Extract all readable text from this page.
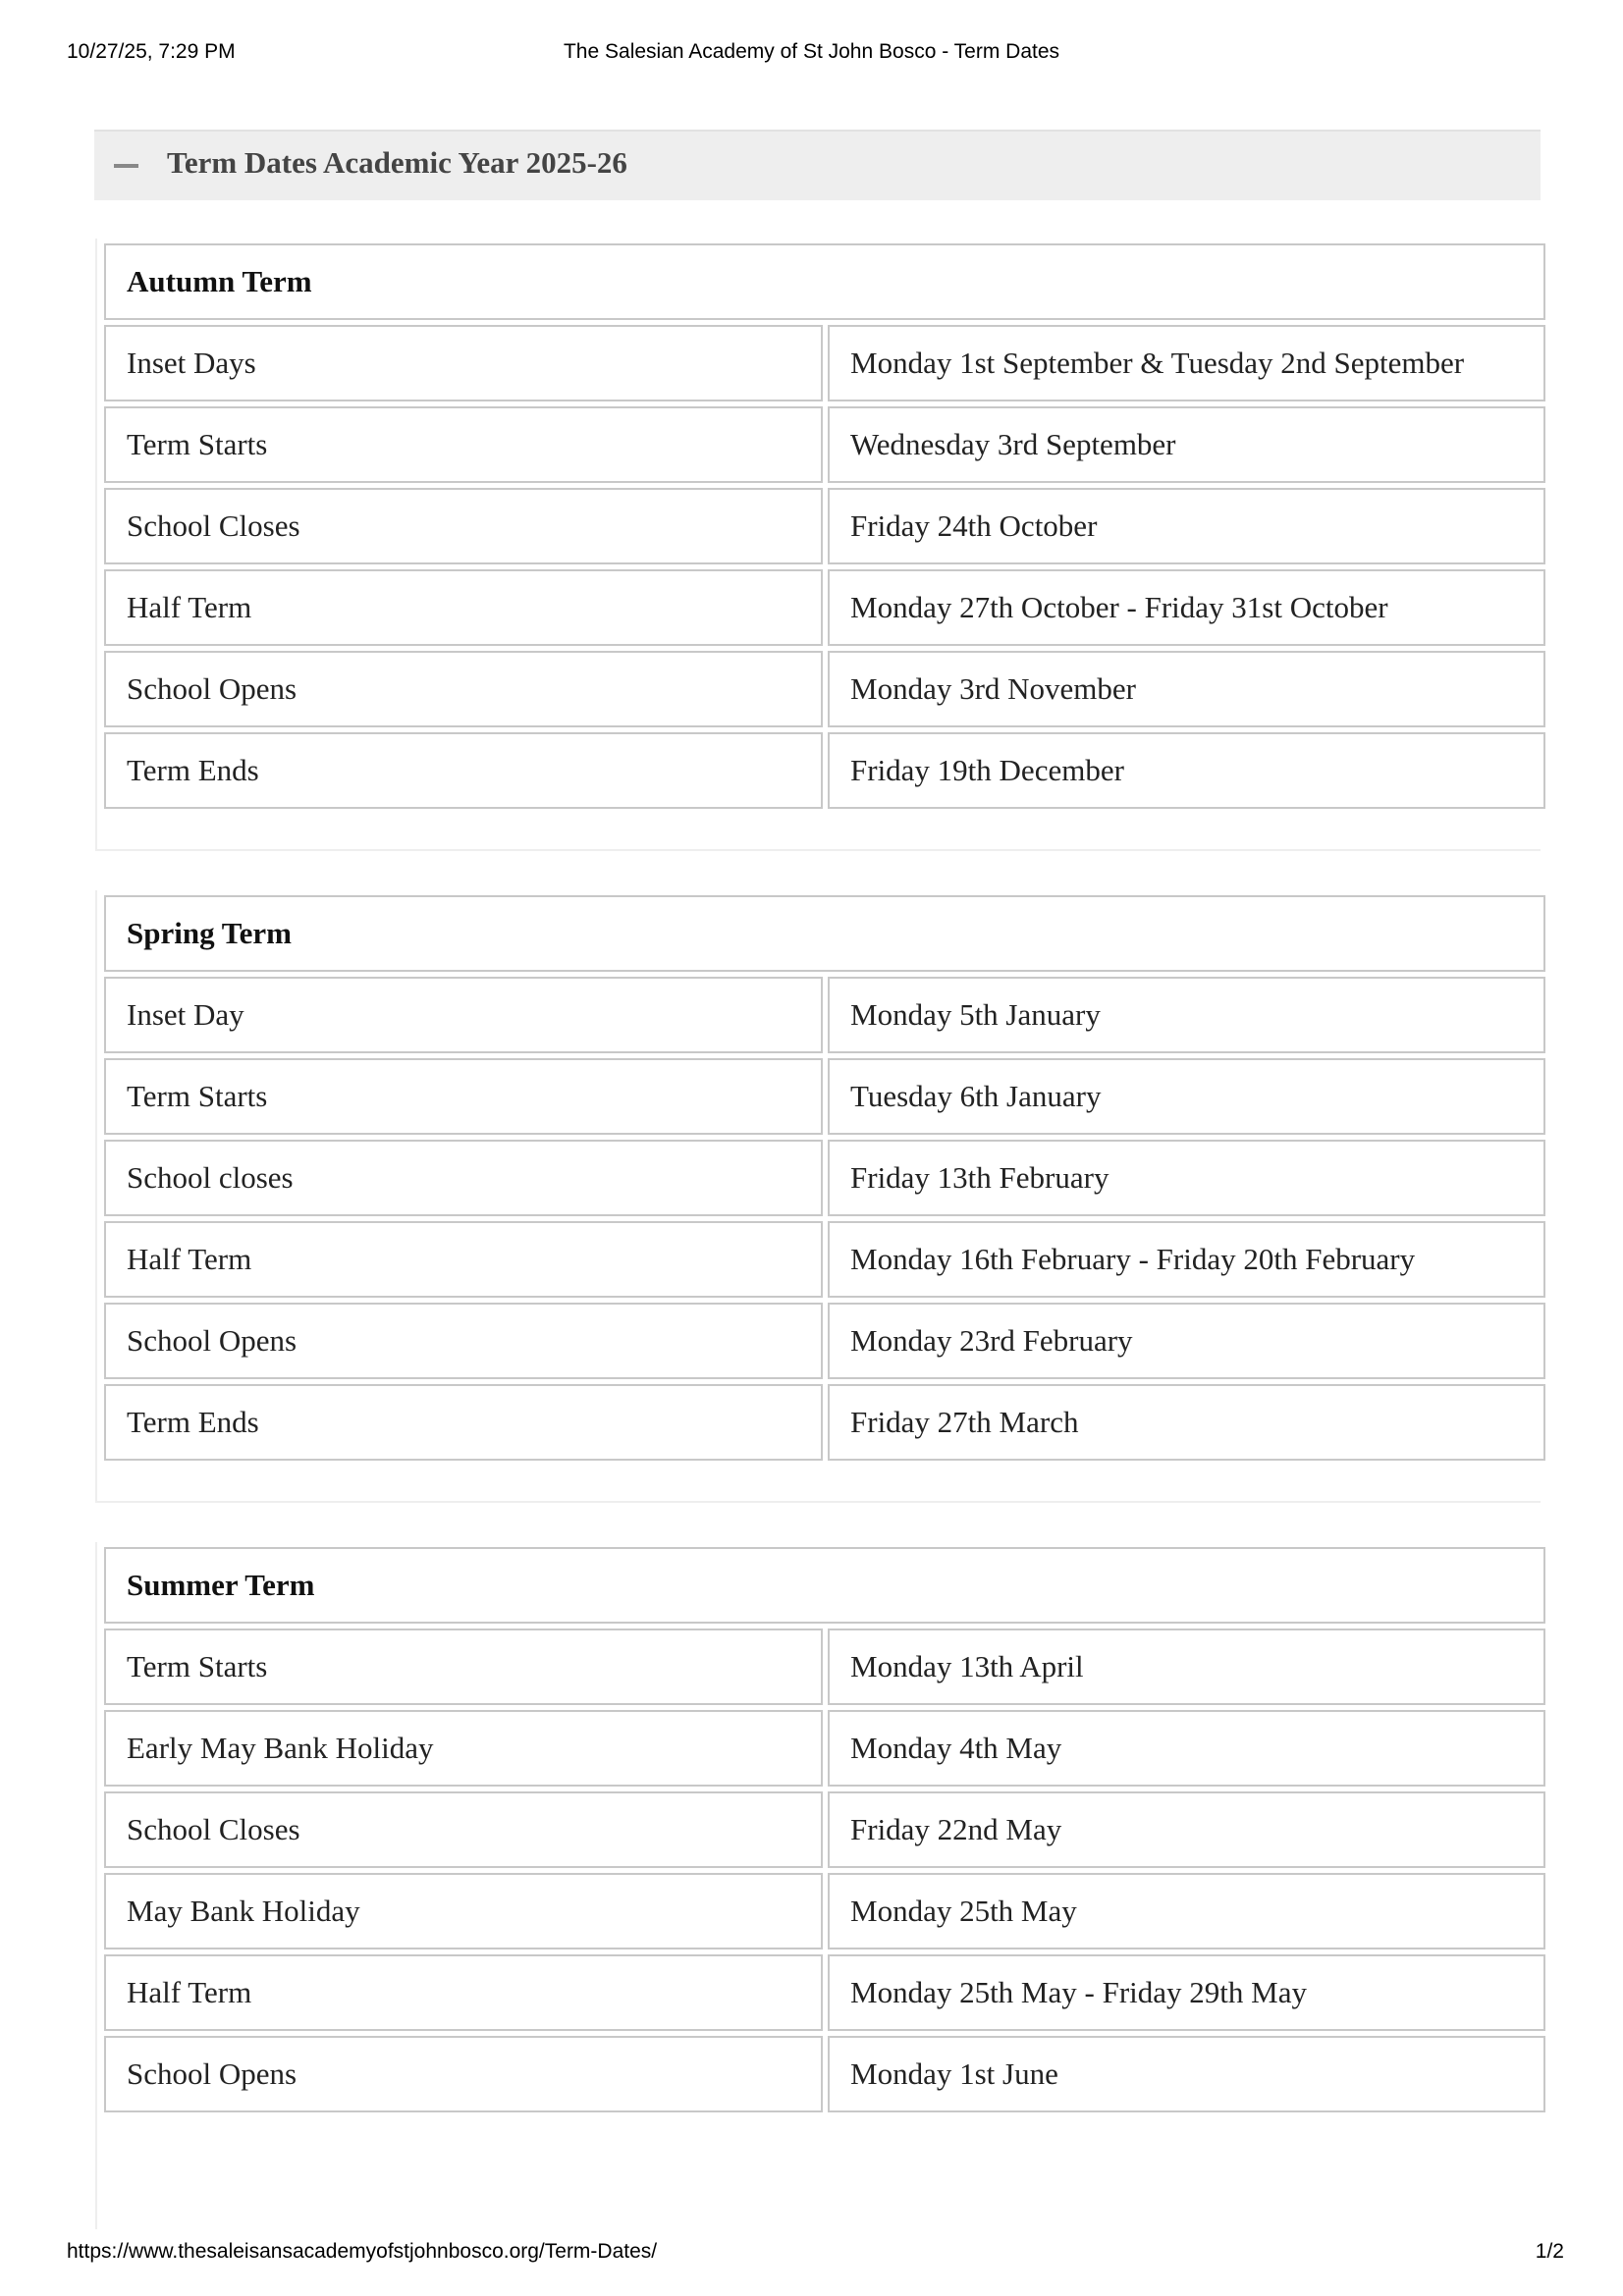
10/27/25, 7:29 PM	The Salesian Academy of St John Bosco - Term Dates
Term Dates Academic Year 2025-26
Autumn Term	
Inset Days	Monday 1st September & Tuesday 2nd September
Term Starts	Wednesday 3rd September
School Closes	Friday 24th October
Half Term	Monday 27th October - Friday 31st October
School Opens	Monday 3rd November
Term Ends	Friday 19th December
Spring Term	
Inset Day	Monday 5th January
Term Starts	Tuesday 6th January
School closes	Friday 13th February
Half Term	Monday 16th February - Friday 20th February
School Opens	Monday 23rd February
Term Ends	Friday 27th March
Summer Term	
Term Starts	Monday 13th April
Early May Bank Holiday	Monday 4th May
School Closes	Friday 22nd May
May Bank Holiday	Monday 25th May
Half Term	Monday 25th May - Friday 29th May
School Opens	Monday 1st June
https://www.thesaleisansacademyofstjohnbosco.org/Term-Dates/	1/2
